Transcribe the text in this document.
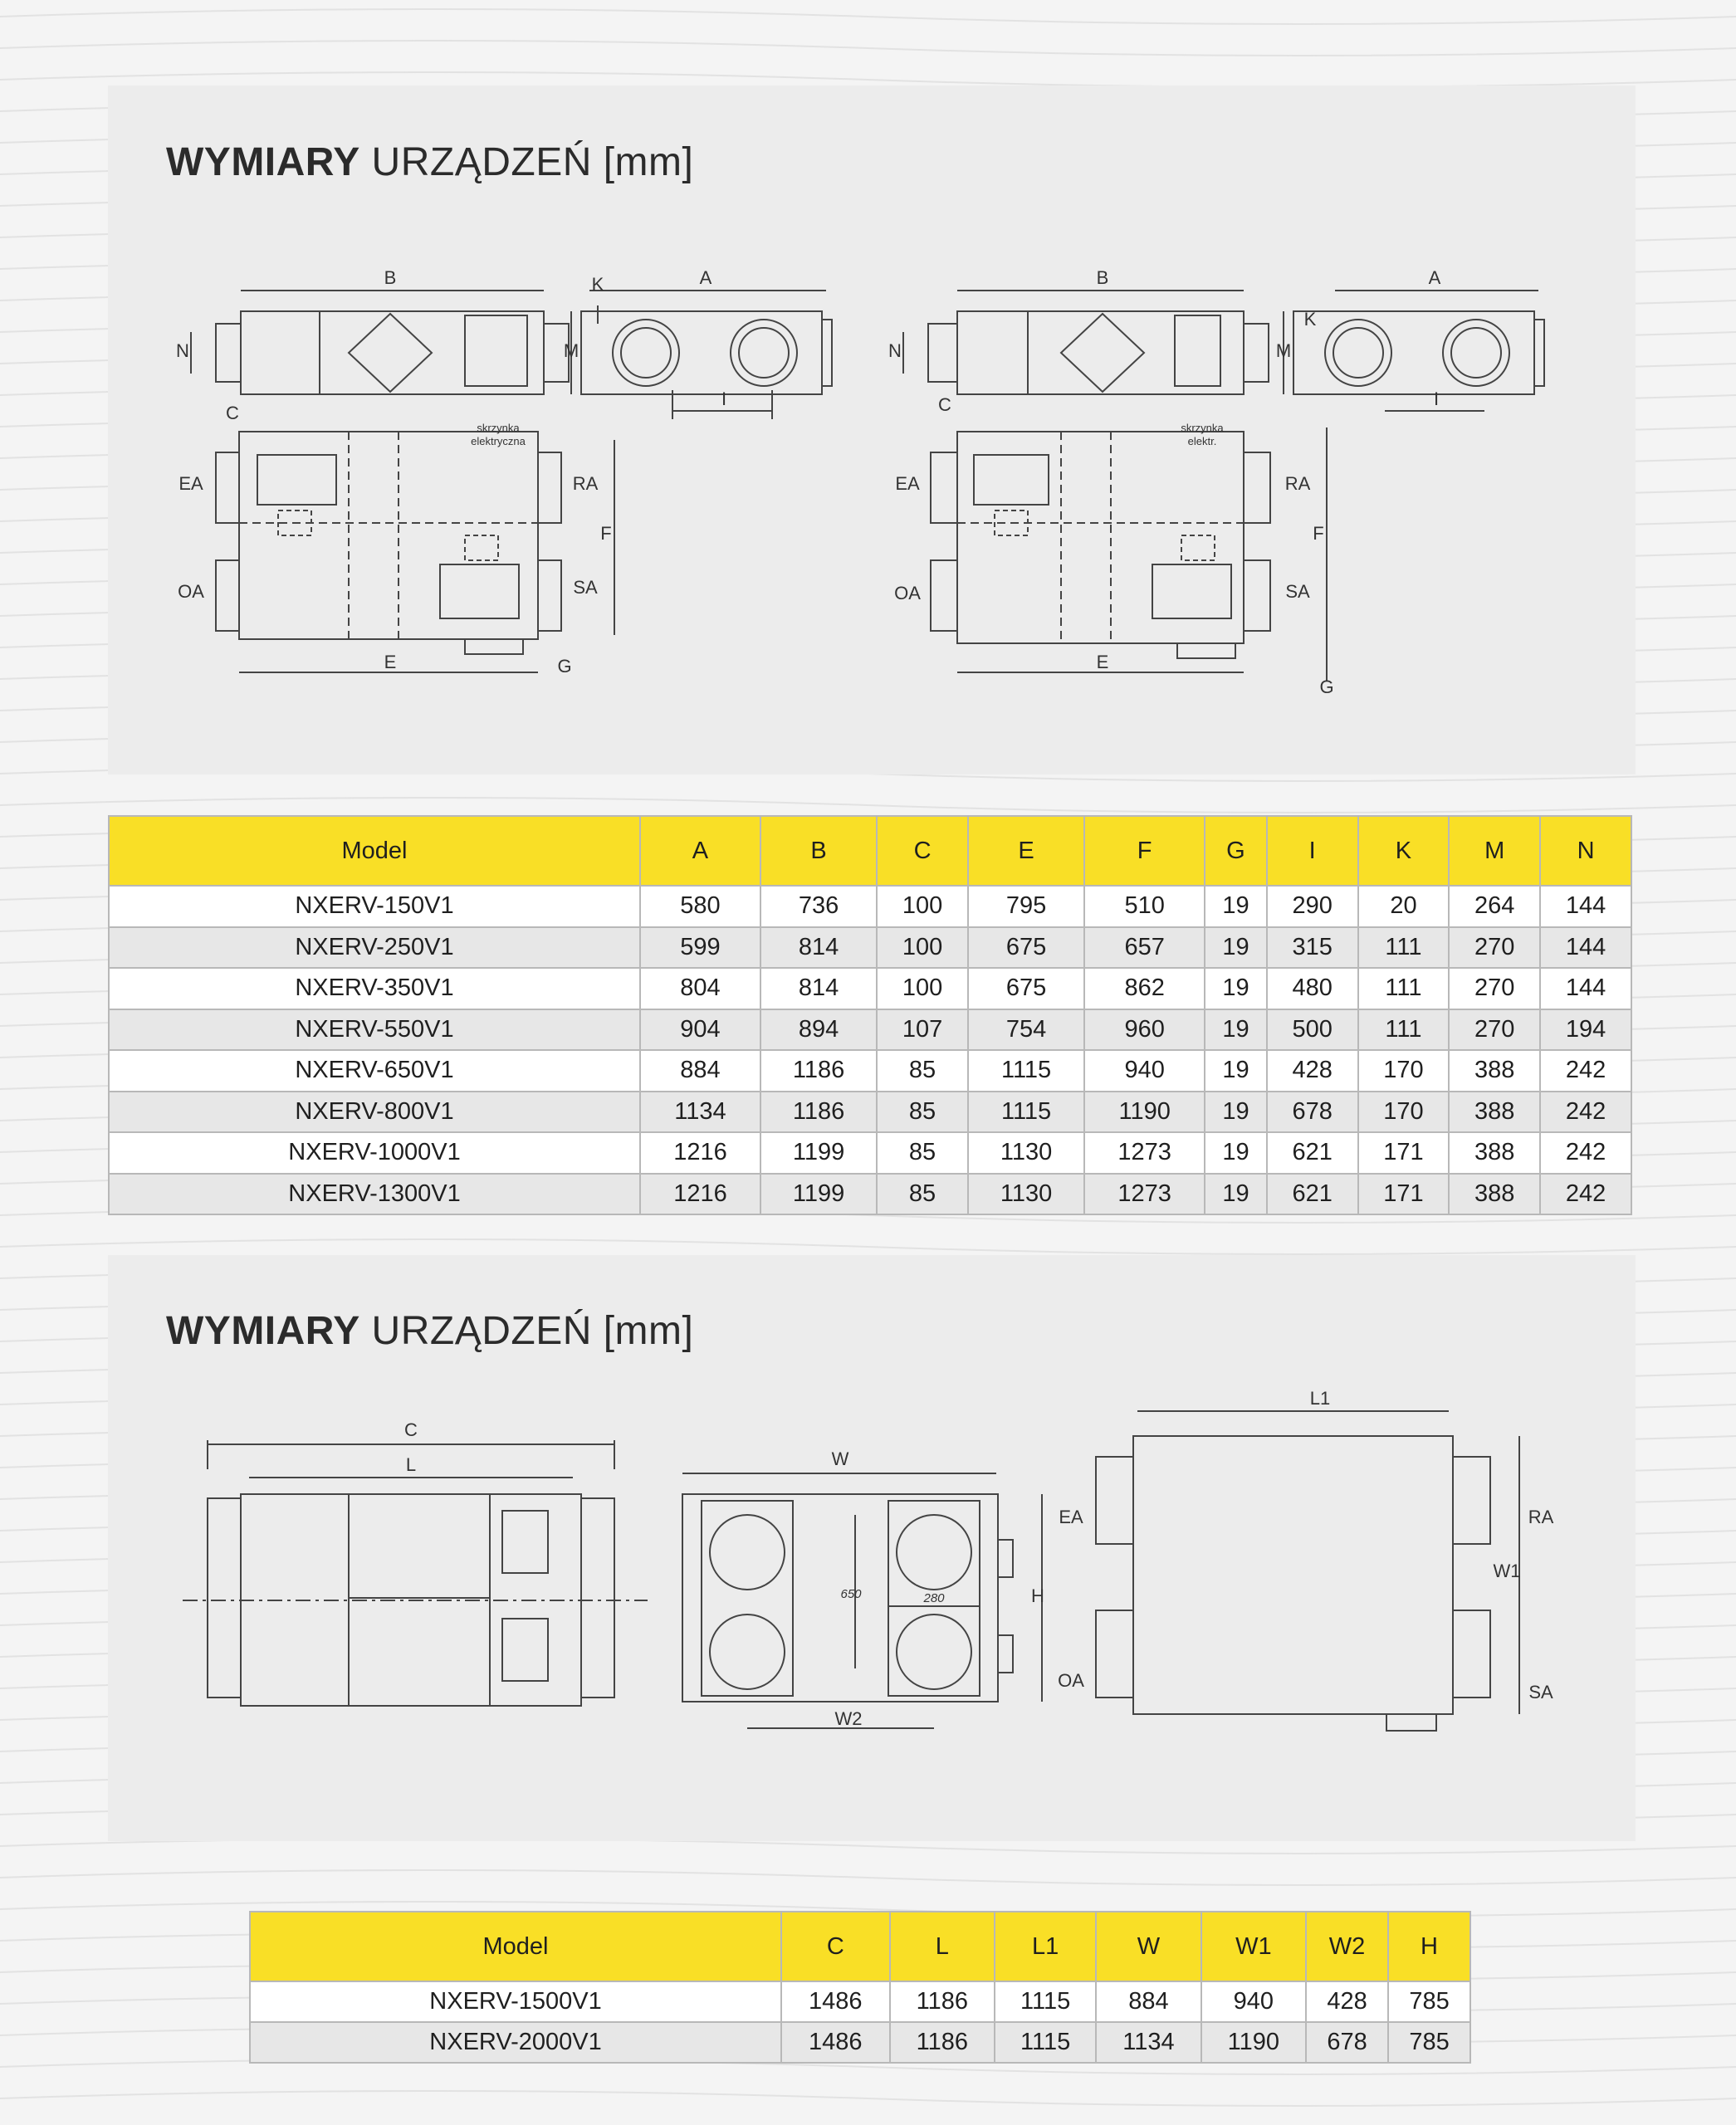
WYMIARY URZĄDZEŃ [mm]
B	A
N	M
K
I
C
E	G
F
EA
OA
RA
SA
skrzynka
elektryczna
B	A
N	M
K
I
C
E
G
F
EA
OA
RA
SA
skrzynka
elektr.
Model	A	B	C	E	F	G	I	K	M	N
NXERV-150V1	580	736	100	795	510	19	290	20	264	144
NXERV-250V1	599	814	100	675	657	19	315	111	270	144
NXERV-350V1	804	814	100	675	862	19	480	111	270	144
NXERV-550V1	904	894	107	754	960	19	500	111	270	194
NXERV-650V1	884	1186	85	1115	940	19	428	170	388	242
NXERV-800V1	1134	1186	85	1115	1190	19	678	170	388	242
NXERV-1000V1	1216	1199	85	1130	1273	19	621	171	388	242
NXERV-1300V1	1216	1199	85	1130	1273	19	621	171	388	242
WYMIARY URZĄDZEŃ [mm]
C
L	W
W2
H
650	280
L1
W1
EA
OA
RA
SA
Model	C	L	L1	W	W1	W2	H
NXERV-1500V1	1486	1186	1115	884	940	428	785
NXERV-2000V1	1486	1186	1115	1134	1190	678	785
